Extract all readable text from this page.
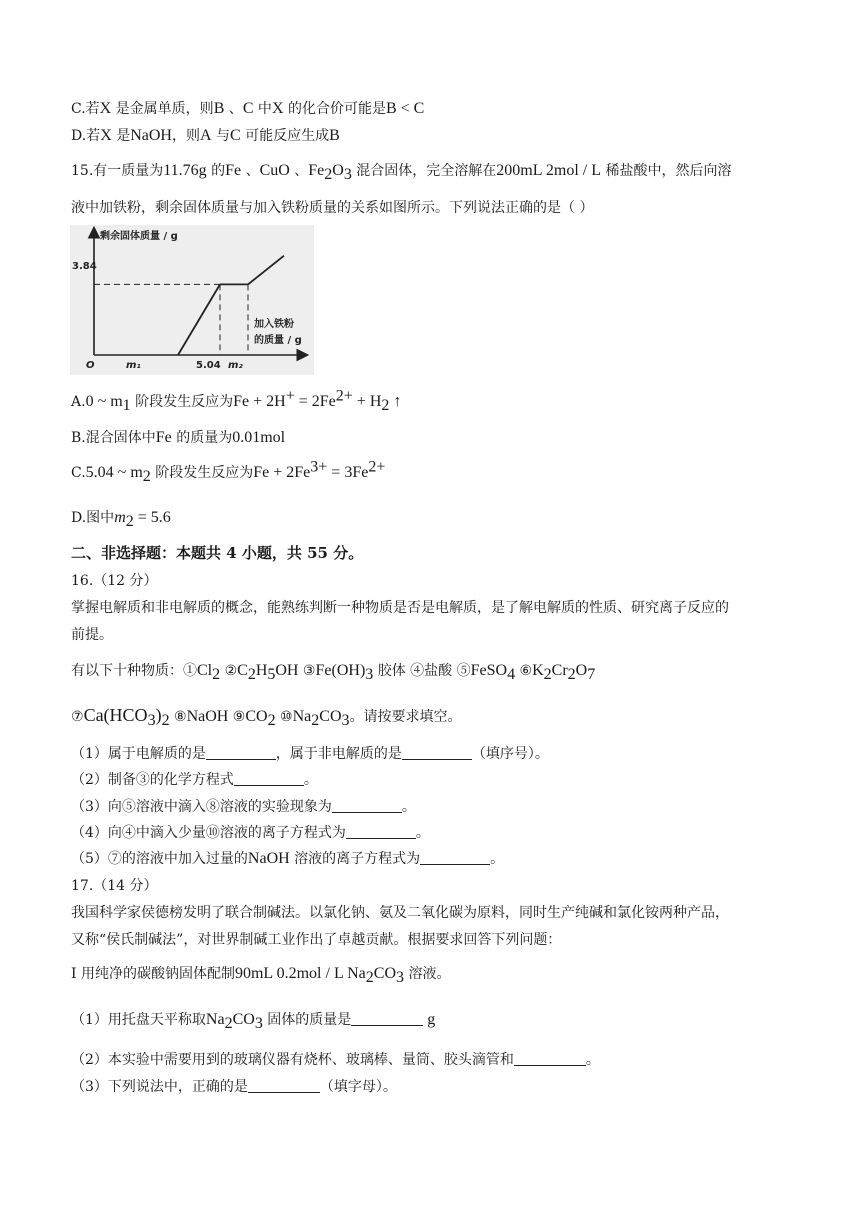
C.若X 是金属单质，则B 、C 中X 的化合价可能是B < C
D.若X 是NaOH，则A 与C 可能反应生成B
15.有一质量为11.76g 的Fe 、CuO 、$Fe_2O_3$ 混合固体，完全溶解在200mL 2mol / L 稀盐酸中，然后向溶
液中加铁粉，剩余固体质量与加入铁粉质量的关系如图所示。下列说法正确的是（ ）
剩余固体质量 / g
加入铁粉
的质量 / g
O
3.84
m₁	5.04 m₂
A.0 ~ $m_1$ 阶段发生反应为$Fe + 2H^+ = 2Fe^{2+} + H_2$ ↑
B.混合固体中Fe 的质量为0.01mol
C.5.04 ~ $m_2$ 阶段发生反应为$Fe + 2Fe^{3+} = 3Fe^{2+}$
D.图中$m_2 = 5.6$
二、非选择题：本题共 4 小题，共 55 分。
16.（12 分）
掌握电解质和非电解质的概念，能熟练判断一种物质是否是电解质，是了解电解质的性质、研究离子反应的
前提。
有以下十种物质：$①Cl_2$ $②C_2H_5OH$ $③Fe(OH)_3$ 胶体 ④盐酸 ⑤FeSO$_4$ $⑥K_2Cr_2O_7$
$⑦Ca(HCO_3)_2$ ⑧NaOH $⑨CO_2$ $⑩Na_2CO_3$。请按要求填空。
（1）属于电解质的是	，属于非电解质的是	（填序号）。
（2）制备③的化学方程式	。
（3）向⑤溶液中滴入⑧溶液的实验现象为	。
（4）向④中滴入少量⑩溶液的离子方程式为	。
（5）⑦的溶液中加入过量的NaOH 溶液的离子方程式为	。
17.（14 分）
我国科学家侯德榜发明了联合制碱法。以氯化钠、氨及二氧化碳为原料，同时生产纯碱和氯化铵两种产品，
又称“侯氏制碱法”，对世界制碱工业作出了卓越贡献。根据要求回答下列问题：
I 用纯净的碳酸钠固体配制90mL 0.2mol / L $Na_2CO_3$ 溶液。
（1）用托盘天平称取$Na_2CO_3$ 固体的质量是	g
（2）本实验中需要用到的玻璃仪器有烧杯、玻璃棒、量筒、胶头滴管和	。
（3）下列说法中，正确的是	（填字母）。
